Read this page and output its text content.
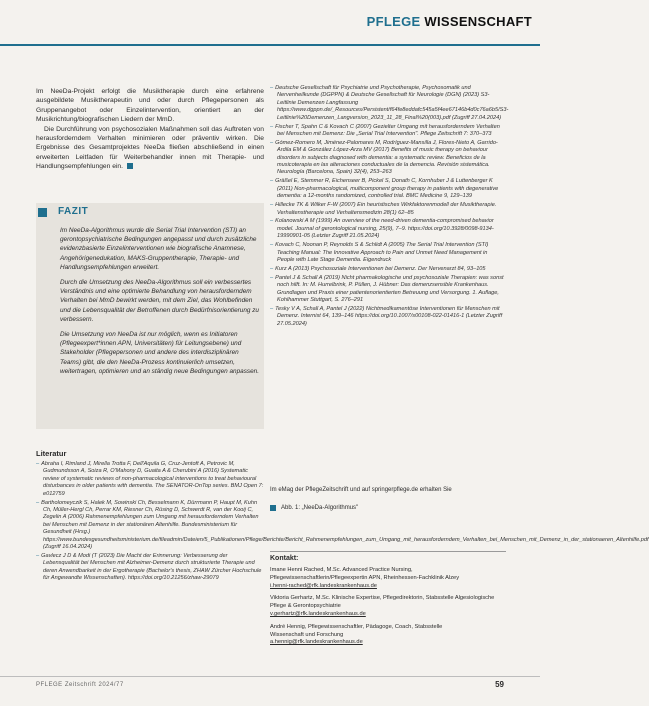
PFLEGE WISSENSCHAFT

Im NeeDa-Projekt erfolgt die Musiktherapie durch eine erfahrene ausgebildete Musiktherapeutin und oder durch Pflegepersonen als Gruppenangebot oder Einzelintervention, orientiert an der Musikrichtung/biografischen Liedern der MmD.

Die Durchführung von psychosozialen Maßnahmen soll das Auftreten von herausforderndem Verhalten minimieren oder präventiv wirken. Die Ergebnisse des Gesamtprojektes NeeDa fließen abschließend in einen erweiterten Leitfaden für Weiterbehandler innen mit Therapie- und Handlungsempfehlungen ein.

FAZIT

Im NeeDa-Algorithmus wurde die Serial Trial Intervention (STI) an gerontopsychiatrische Bedingungen angepasst und durch zusätzliche evidenzbasierte Einzelinterventionen wie biografische Anamnese, Angehörigenedukation, MAKS-Gruppentherapie, Therapie- und Handlungsempfehlungen erweitert.

Durch die Umsetzung des NeeDa-Algorithmus soll ein verbessertes Verständnis und eine optimierte Behandlung von herausforderndem Verhalten bei MmD bewirkt werden, mit dem Ziel, das Wohlbefinden und die Lebensqualität der Betroffenen durch Bedürfnisorientierung zu verbessern.

Die Umsetzung von NeeDa ist nur möglich, wenn es Initiatoren (Pflegeexpert*innen APN, Universitäten) für Leitungsebene) und Stakeholder (Pflegepersonen und andere des interdisziplinären Teams) gibt, die den NeeDa-Prozess kontinuierlich umsetzen, weitertragen, optimieren und an ständig neue Bedingungen anpassen.

Literatur

– Abraha I, Rimland J, Mirella Trotta F, Dell'Aquila G, Cruz-Jentoft A, Petrovic M, Gudmundsson A, Soiza R, O'Mahony D, Guaita A & Cherubini A (2016) Systematic review of systematic reviews of non-pharmacological interventions to treat behavioural disturbances in older patients with dementia. The SENATOR-OnTop series. BMJ Open 7: e012759

– Bartholomeyczik S, Halek M, Sowinski Ch, Besselmann K, Dürrmann P, Haupt M, Kuhn Ch, Müller-Hergl Ch, Perrar KM, Riesner Ch, Rüsing D, Schwerdt R, van der Kooij C, Zegelin A (2006) Rahmenempfehlungen zum Umgang mit herausforderndem Verhalten bei Menschen mit Demenz in der stationären Altenhilfe. Bundesministerium für Gesundheit (Hrsg.) https://www.bundesgesundheitsministerium.de/fileadmin/Dateien/5_Publikationen/Pflege/Berichte/Bericht_Rahmenempfehlungen_zum_Umgang_mit_herausforderndem_Verhalten_bei_Menschen_mit_Demenz_in_der_stationaeren_Altenhilfe.pdf (Zugriff 16.04.2024)

– Gavlecz J D & Modi (T (2023) Die Macht der Erinnerung: Verbesserung der Lebensqualität bei Menschen mit Alzheimer-Demenz durch strukturierte Therapie und deren Anwendbarkeit in der Ergotherapie (Bachelor's thesis, ZHAW Zürcher Hochschule für Angewandte Wissenschaften). https://doi.org/10.21256/zhaw-29079

– Deutsche Gesellschaft für Psychiatrie und Psychotherapie, Psychosomatik und Nervenheilkunde (DGPPN) & Deutsche Gesellschaft für Neurologie (DGN) (2023) S3-Leitlinie Demenzen Langfassung https://www.dgppn.de/_Resources/Persistent/f64fe8eddafc545a5f4ee67146b4d0c76a6b5/S3-Leitlinie%20Demenzen_Langversion_2023_11_28_Final%20(003).pdf (Zugriff 27.04.2024)

– Fischer T, Spahn C & Kovach C (2007) Gezielter Umgang mit herausforderndem Verhalten bei Menschen mit Demenz: Die „Serial Trial Intervention". Pflege Zeitschrift 7: 370–373

– Gómez-Romero M, Jiménez-Palomares M, Rodríguez-Mansilla J, Flores-Nieto A, Garrido-Ardila EM & González López-Arza MV (2017) Benefits of music therapy on behaviour disorders in subjects diagnosed with dementia: a systematic review. Beneficios de la musicoterapia en las alteraciones conductuales de la demencia. Revisión sistemática. Neurología (Barcelona, Spain) 32(4), 253–263

– Gräßel E, Stemmer R, Eichenseer B, Pickel S, Donath C, Kornhuber J & Luttenberger K (2011) Non-pharmacological, multicomponent group therapy in patients with degenerative dementia: a 12-months randomized, controlled trial. BMC Medicine 9, 129–139

– Hillecke TK & Wilker F-W (2007) Ein heuristisches Wirkfaktorenmodell der Musiktherapie. Verhaltenstherapie und Verhaltensmedizin 28(1) 62–85

– Kolanowski A M (1999) An overview of the need-driven dementia-compromised behavior model. Journal of gerontological nursing, 25(9), 7–9. https://doi.org/10.3928/0098-9134-19990901-05 (Letzter Zugriff 21.05.2024)

– Kovach C, Noonan P, Reynolds S & Schlidt A (2005) The Serial Trial Intervention (STI) Teaching Manual: The Innovative Approach to Pain and Unmet Need Management in People with Late Stage Dementia. Eigendruck

– Kurz A (2013) Psychosoziale Interventionen bei Demenz. Der Nervenarzt 84, 93–105

– Pantel J & Schall A (2019) Nicht pharmakologische und psychosoziale Therapien: was sonst noch hilft. In: M. Hurrelbrink, P. Püllen, J. Hübner: Das demenzsensible Krankenhaus. Grundlagen und Praxis einer patientenorientierten Betreuung und Versorgung. 1. Auflage, Kohlhammer Stuttgart, S. 276–291

– Tesky V A, Schall A, Pantel J (2022) Nichtmedikamentöse Interventionen für Menschen mit Demenz. Internist 64, 139–146 https://doi.org/10.1007/s00108-022-01416-1 (Letzter Zugriff 27.05.2024)

Im eMag der PflegeZeitschrift und auf springerpflege.de erhalten Sie
Abb. 1: „NeeDa-Algorithmus"
Kontakt:
Imane Henni Rached, M.Sc. Advanced Practice Nursing,
Pflegewissenschaftlerin/Pflegeexpertin APN, Rheinhessen-Fachklinik Alzey
i.henni-rached@rfk.landeskrankenhaus.de
Viktoria Gerhartz, M.Sc. Klinische Expertise, Pflegedirektorin, Stabsstelle Algesiologische Pflege & Gerontopsychiatrie
v.gerhartz@rfk.landeskrankenhaus.de
André Hennig, Pflegewissenschaftler, Pädagoge, Coach, Stabsstelle
Wissenschaft und Forschung
a.hennig@rfk.landeskrankenhaus.de
PFLEGE Zeitschrift 2024/77	59
